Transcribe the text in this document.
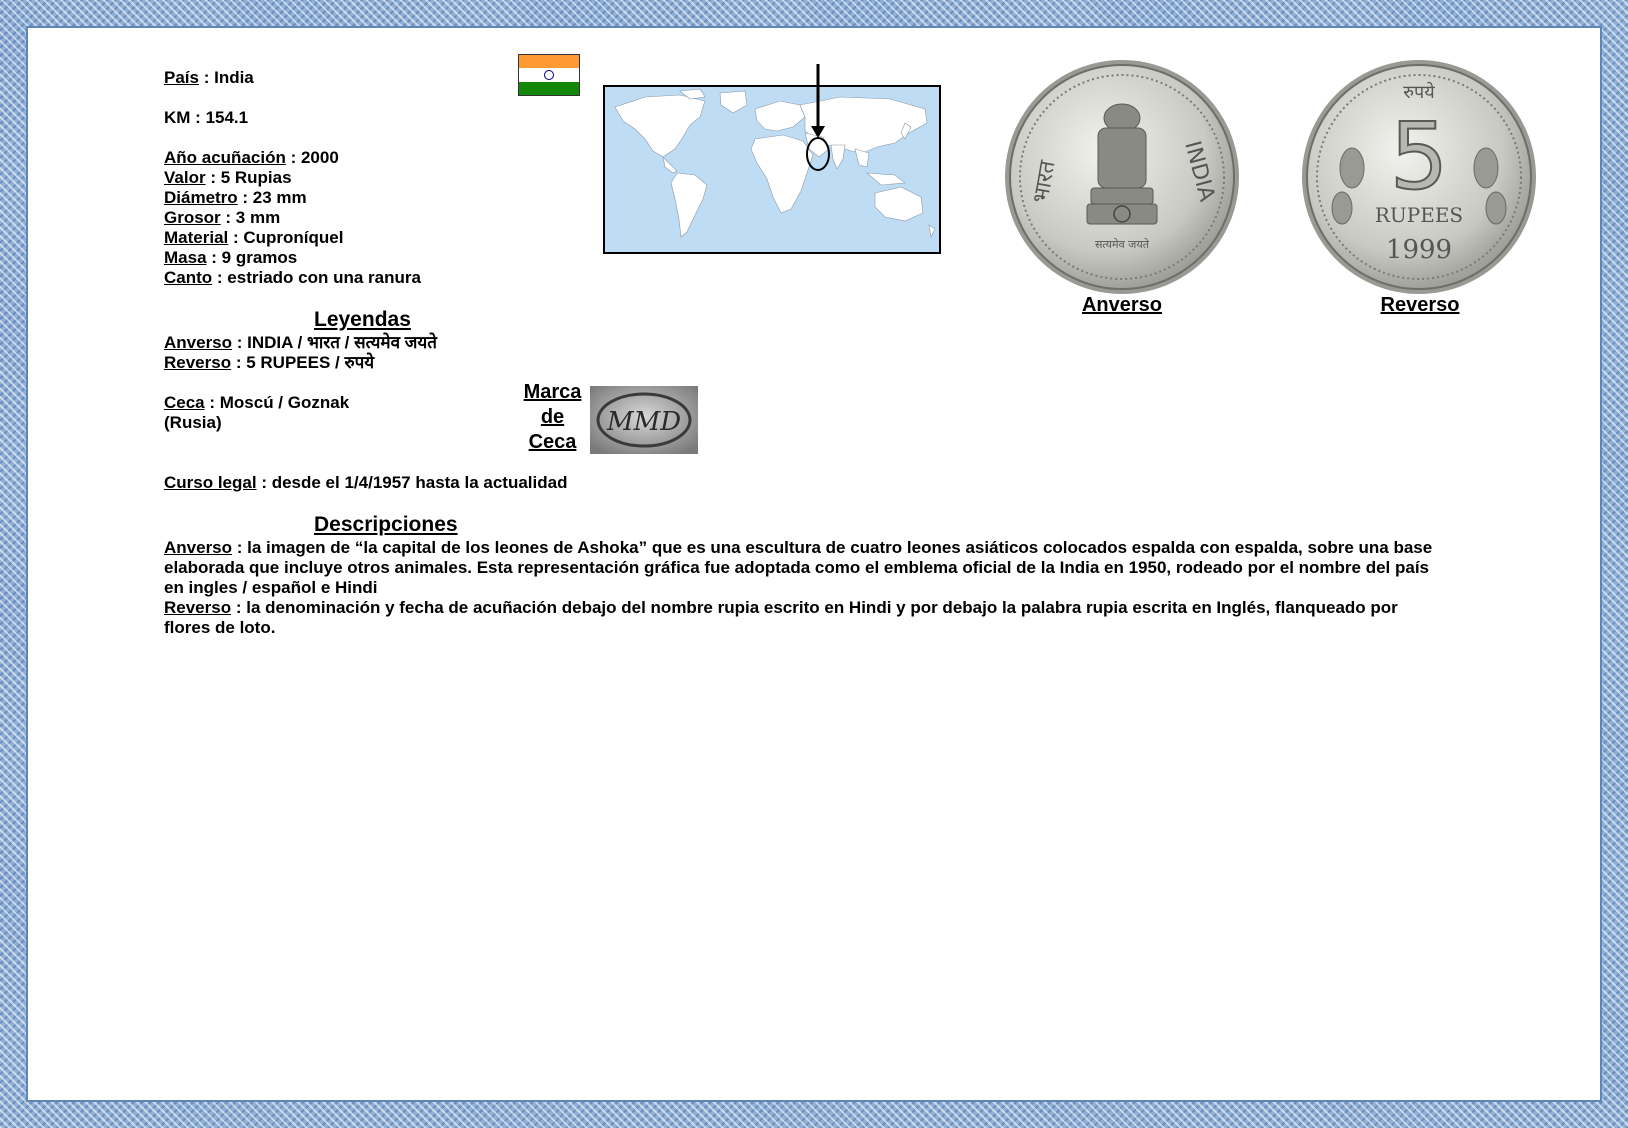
País : India
KM : 154.1
Año acuñación : 2000
Valor : 5 Rupias
Diámetro : 23 mm
Grosor : 3 mm
Material : Cuproníquel
Masa : 9 gramos
Canto : estriado con una ranura
Leyendas
Anverso : INDIA / भारत / सत्यमेव जयते
Reverso : 5 RUPEES / रुपये
Ceca : Moscú / Goznak
(Rusia)
Marca
de
Ceca
MMD
Curso legal : desde el 1/4/1957 hasta la actualidad
Descripciones
Anverso : la imagen de “la capital de los leones de Ashoka” que es una escultura de cuatro leones asiáticos colocados espalda con espalda, sobre una base
elaborada que incluye otros animales. Esta representación gráfica fue adoptada como el emblema oficial de la India en 1950, rodeado por el nombre del país
en ingles / español e Hindi
Reverso : la denominación y fecha de acuñación debajo del nombre rupia escrito en Hindi y por debajo la palabra rupia escrita en Inglés, flanqueado por
flores de loto.
INDIA
भारत
सत्यमेव जयते
Anverso
रुपये
5
RUPEES
1999
Reverso
